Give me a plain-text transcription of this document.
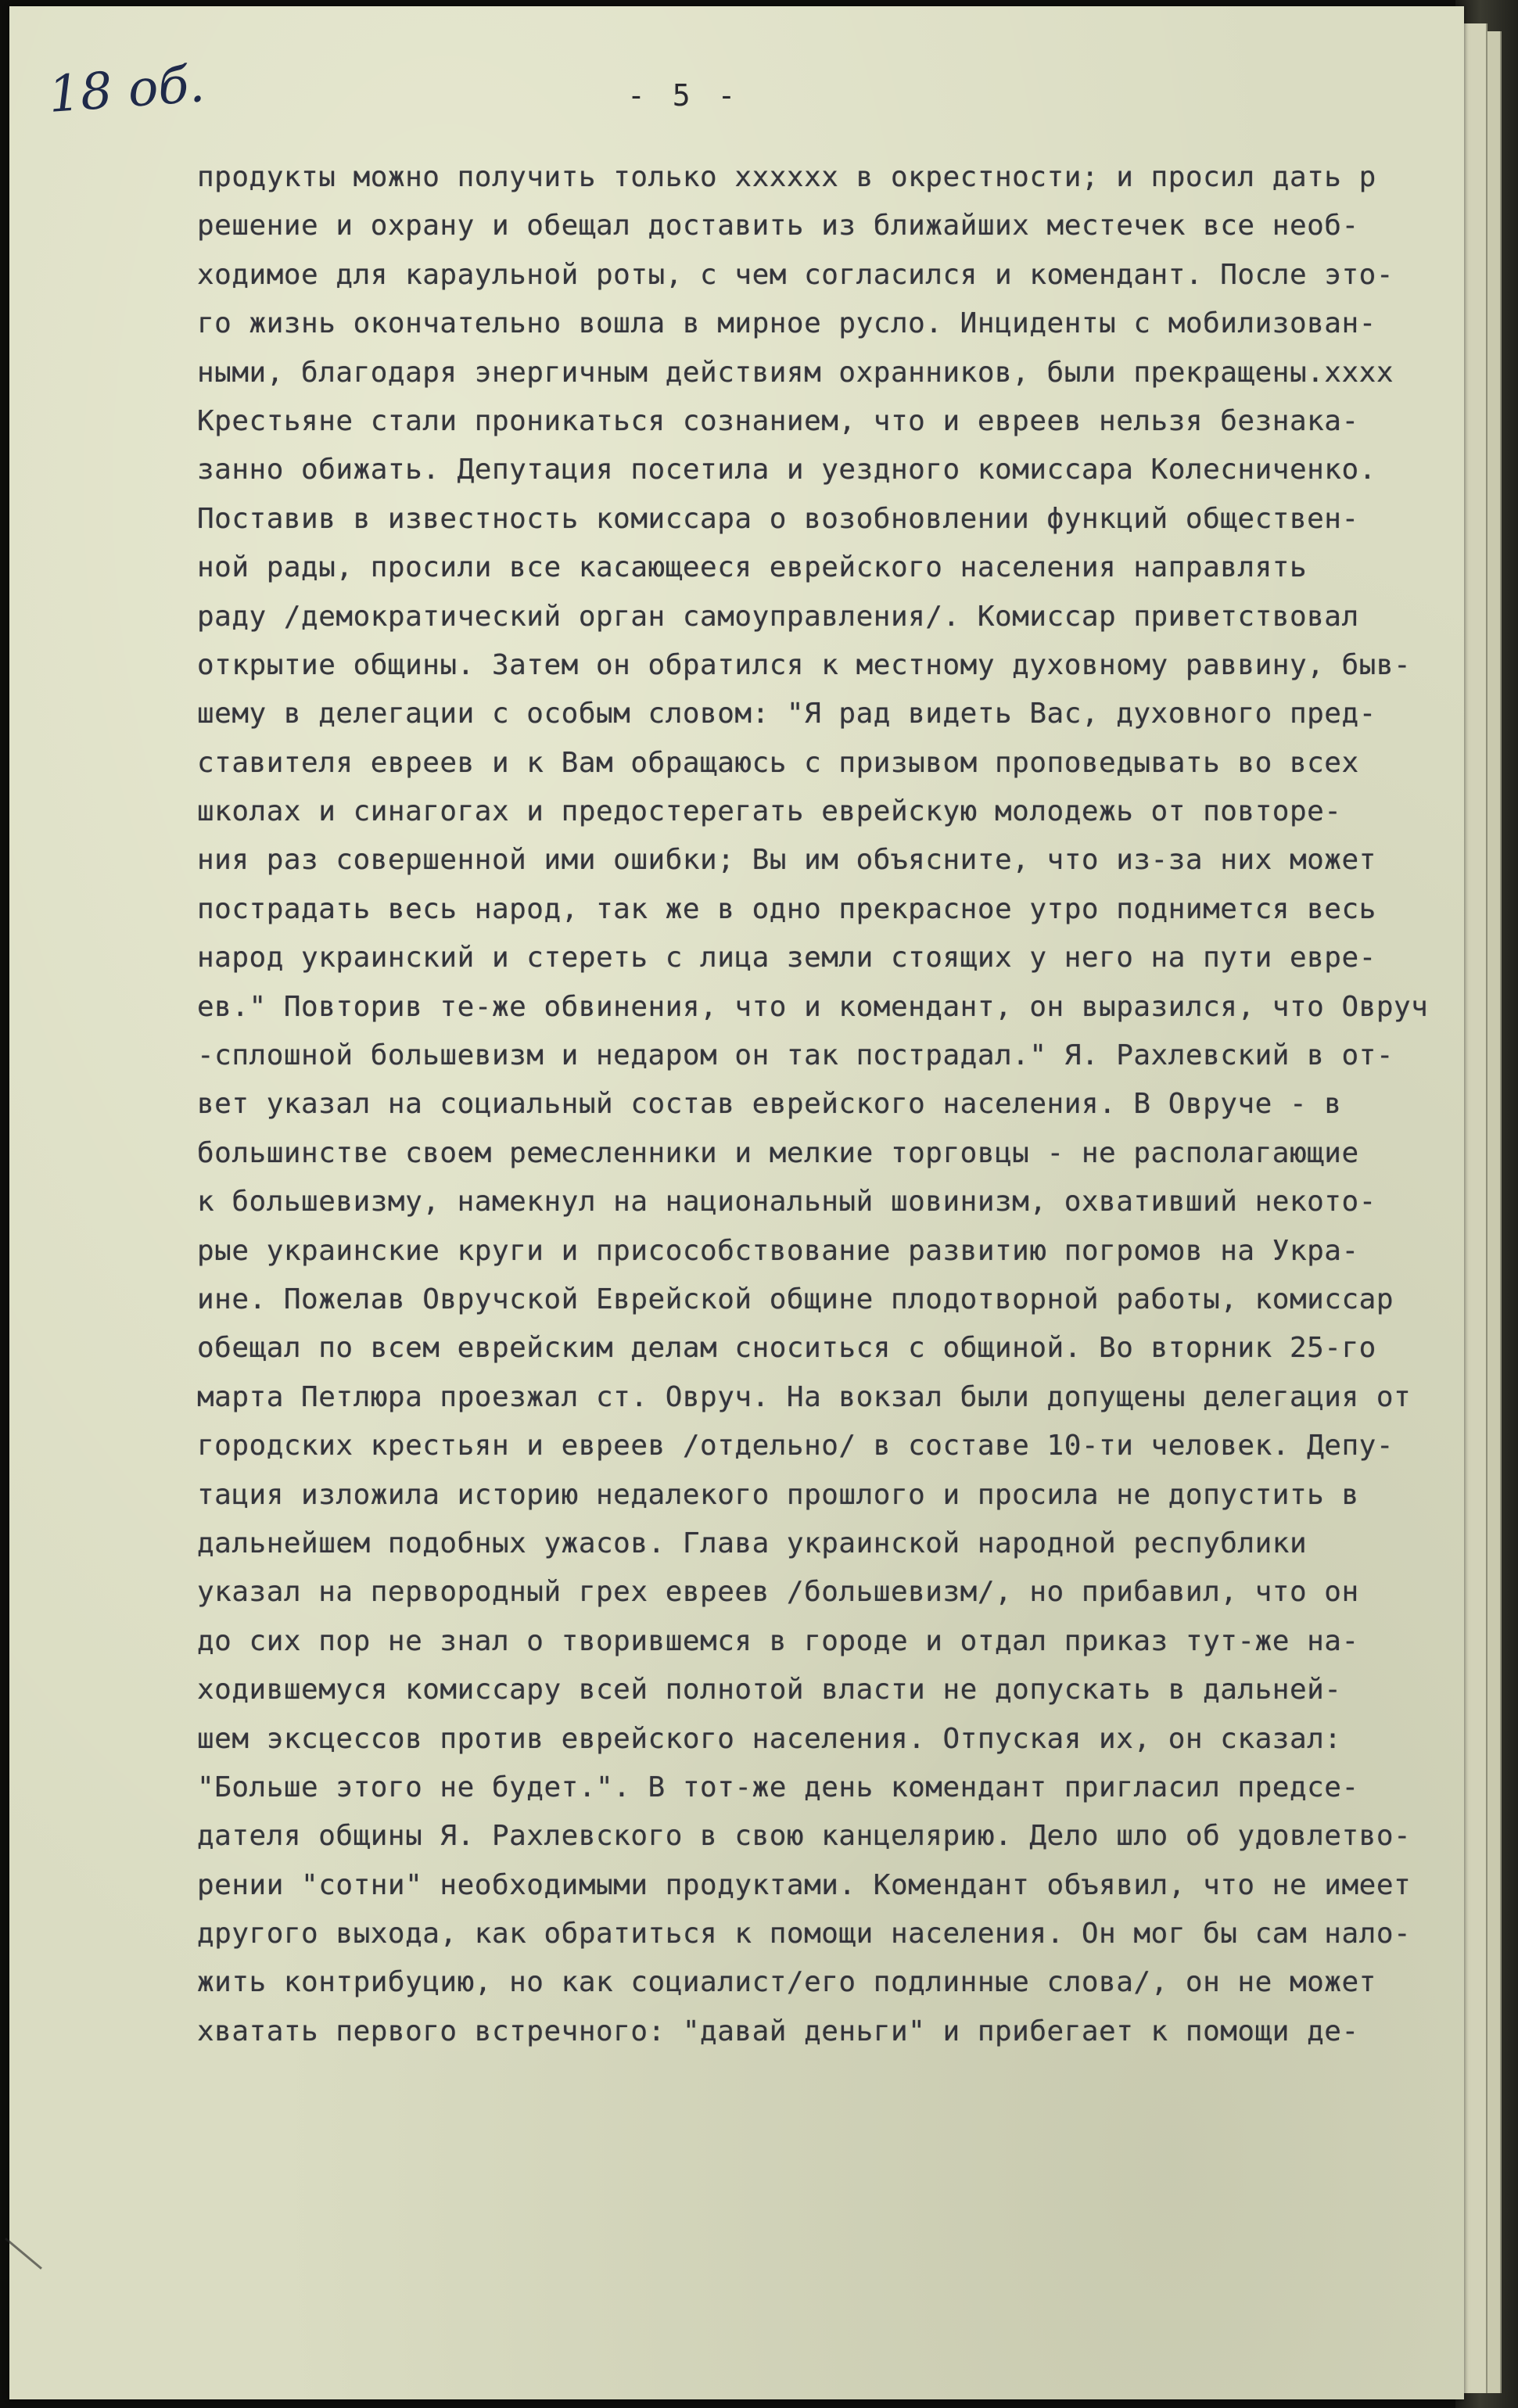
18 об.	- 5 -
продукты можно получить только хххххх в окрестности; и просил дать р
решение и охрану и обещал доставить из ближайших местечек все необ-
ходимое для караульной роты, с чем согласился и комендант. После это-
го жизнь окончательно вошла в мирное русло. Инциденты с мобилизован-
ными, благодаря энергичным действиям охранников, были прекращены.хххх
Крестьяне стали проникаться сознанием, что и евреев нельзя безнака-
занно обижать. Депутация посетила и уездного комиссара Колесниченко.
Поставив в известность комиссара о возобновлении функций обществен-
ной рады, просили все касающееся еврейского населения направлять
раду /демократический орган самоуправления/. Комиссар приветствовал
открытие общины. Затем он обратился к местному духовному раввину, быв-
шему в делегации с особым словом: "Я рад видеть Вас, духовного пред-
ставителя евреев и к Вам обращаюсь с призывом проповедывать во всех
школах и синагогах и предостерегать еврейскую молодежь от повторе-
ния раз совершенной ими ошибки; Вы им объясните, что из-за них может
пострадать весь народ, так же в одно прекрасное утро поднимется весь
народ украинский и стереть с лица земли стоящих у него на пути евре-
ев." Повторив те-же обвинения, что и комендант, он выразился, что Овруч
-сплошной большевизм и недаром он так пострадал." Я. Рахлевский в от-
вет указал на социальный состав еврейского населения. В Овруче - в
большинстве своем ремесленники и мелкие торговцы - не располагающие
к большевизму, намекнул на национальный шовинизм, охвативший некото-
рые украинские круги и присособствование развитию погромов на Укра-
ине. Пожелав Овручской Еврейской общине плодотворной работы, комиссар
обещал по всем еврейским делам сноситься с общиной. Во вторник 25-го
марта Петлюра проезжал ст. Овруч. На вокзал были допущены делегация от
городских крестьян и евреев /отдельно/ в составе 10-ти человек. Депу-
тация изложила историю недалекого прошлого и просила не допустить в
дальнейшем подобных ужасов. Глава украинской народной республики
указал на первородный грех евреев /большевизм/, но прибавил, что он
до сих пор не знал о творившемся в городе и отдал приказ тут-же на-
ходившемуся комиссару всей полнотой власти не допускать в дальней-
шем эксцессов против еврейского населения. Отпуская их, он сказал:
"Больше этого не будет.". В тот-же день комендант пригласил предсе-
дателя общины Я. Рахлевского в свою канцелярию. Дело шло об удовлетво-
рении "сотни" необходимыми продуктами. Комендант объявил, что не имеет
другого выхода, как обратиться к помощи населения. Он мог бы сам нало-
жить контрибуцию, но как социалист/его подлинные слова/, он не может
хватать первого встречного: "давай деньги" и прибегает к помощи де-
